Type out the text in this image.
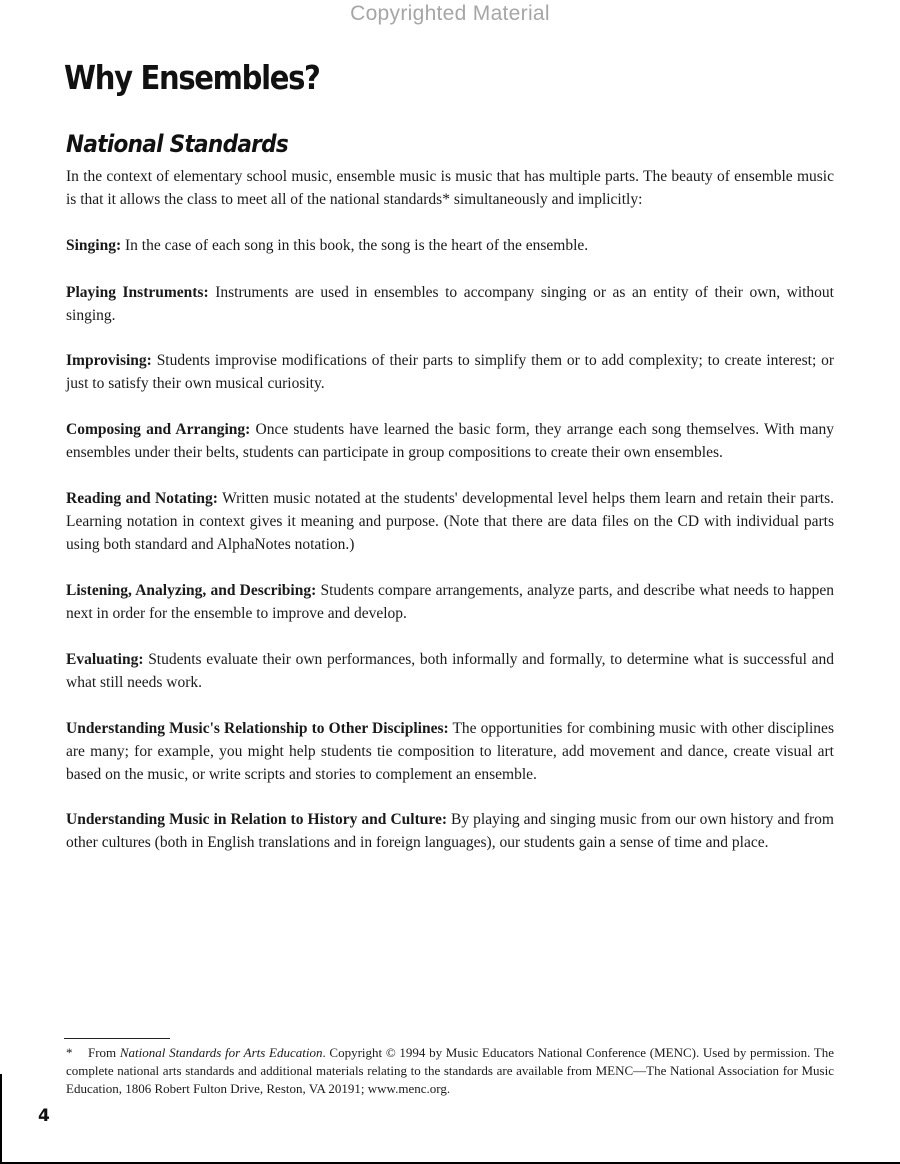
Copyrighted Material
Why Ensembles?
National Standards

In the context of elementary school music, ensemble music is music that has multiple parts. The beauty of ensemble music is that it allows the class to meet all of the national standards* simultaneously and implicitly:

Singing: In the case of each song in this book, the song is the heart of the ensemble.

Playing Instruments: Instruments are used in ensembles to accompany singing or as an entity of their own, without singing.

Improvising: Students improvise modifications of their parts to simplify them or to add complexity; to create interest; or just to satisfy their own musical curiosity.

Composing and Arranging: Once students have learned the basic form, they arrange each song themselves. With many ensembles under their belts, students can participate in group compositions to create their own ensembles.

Reading and Notating: Written music notated at the students' developmental level helps them learn and retain their parts. Learning notation in context gives it meaning and purpose. (Note that there are data files on the CD with individual parts using both standard and AlphaNotes notation.)

Listening, Analyzing, and Describing: Students compare arrangements, analyze parts, and describe what needs to happen next in order for the ensemble to improve and develop.

Evaluating: Students evaluate their own performances, both informally and formally, to determine what is successful and what still needs work.

Understanding Music's Relationship to Other Disciplines: The opportunities for combining music with other disciplines are many; for example, you might help students tie composition to literature, add movement and dance, create visual art based on the music, or write scripts and stories to complement an ensemble.

Understanding Music in Relation to History and Culture: By playing and singing music from our own history and from other cultures (both in English translations and in foreign languages), our students gain a sense of time and place.

* From National Standards for Arts Education. Copyright © 1994 by Music Educators National Conference (MENC). Used by permission. The complete national arts standards and additional materials relating to the standards are available from MENC—The National Association for Music Education, 1806 Robert Fulton Drive, Reston, VA 20191; www.menc.org.

4
